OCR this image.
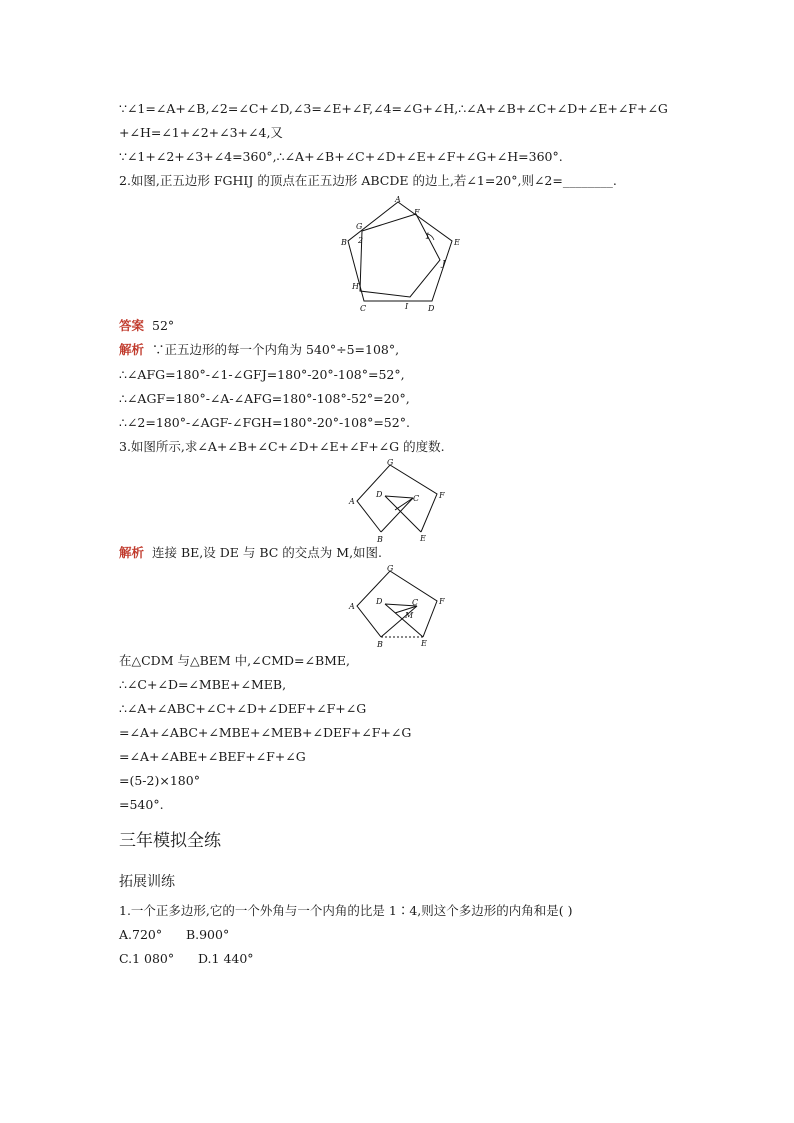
∵∠1=∠A+∠B,∠2=∠C+∠D,∠3=∠E+∠F,∠4=∠G+∠H,∴∠A+∠B+∠C+∠D+∠E+∠F+∠G
+∠H=∠1+∠2+∠3+∠4,又
∵∠1+∠2+∠3+∠4=360°,∴∠A+∠B+∠C+∠D+∠E+∠F+∠G+∠H=360°.
2.如图,正五边形 FGHIJ 的顶点在正五边形 ABCDE 的边上,若∠1=20°,则∠2=________.
A
B
C	D
E
F
G
H
I
J
1
2
答案 52°
解析 ∵正五边形的每一个内角为 540°÷5=108°,
∴∠AFG=180°-∠1-∠GFJ=180°-20°-108°=52°,
∴∠AGF=180°-∠A-∠AFG=180°-108°-52°=20°,
∴∠2=180°-∠AGF-∠FGH=180°-20°-108°=52°.
3.如图所示,求∠A+∠B+∠C+∠D+∠E+∠F+∠G 的度数.
A
B
C
D
E
F
G
解析 连接 BE,设 DE 与 BC 的交点为 M,如图.
A
B
C
D
E
F
G
M
在△CDM 与△BEM 中,∠CMD=∠BME,
∴∠C+∠D=∠MBE+∠MEB,
∴∠A+∠ABC+∠C+∠D+∠DEF+∠F+∠G
=∠A+∠ABC+∠MBE+∠MEB+∠DEF+∠F+∠G
=∠A+∠ABE+∠BEF+∠F+∠G
=(5-2)×180°
=540°.
三年模拟全练
拓展训练
1.一个正多边形,它的一个外角与一个内角的比是 1∶4,则这个多边形的内角和是( )
A.720°      B.900°
C.1 080°      D.1 440°
